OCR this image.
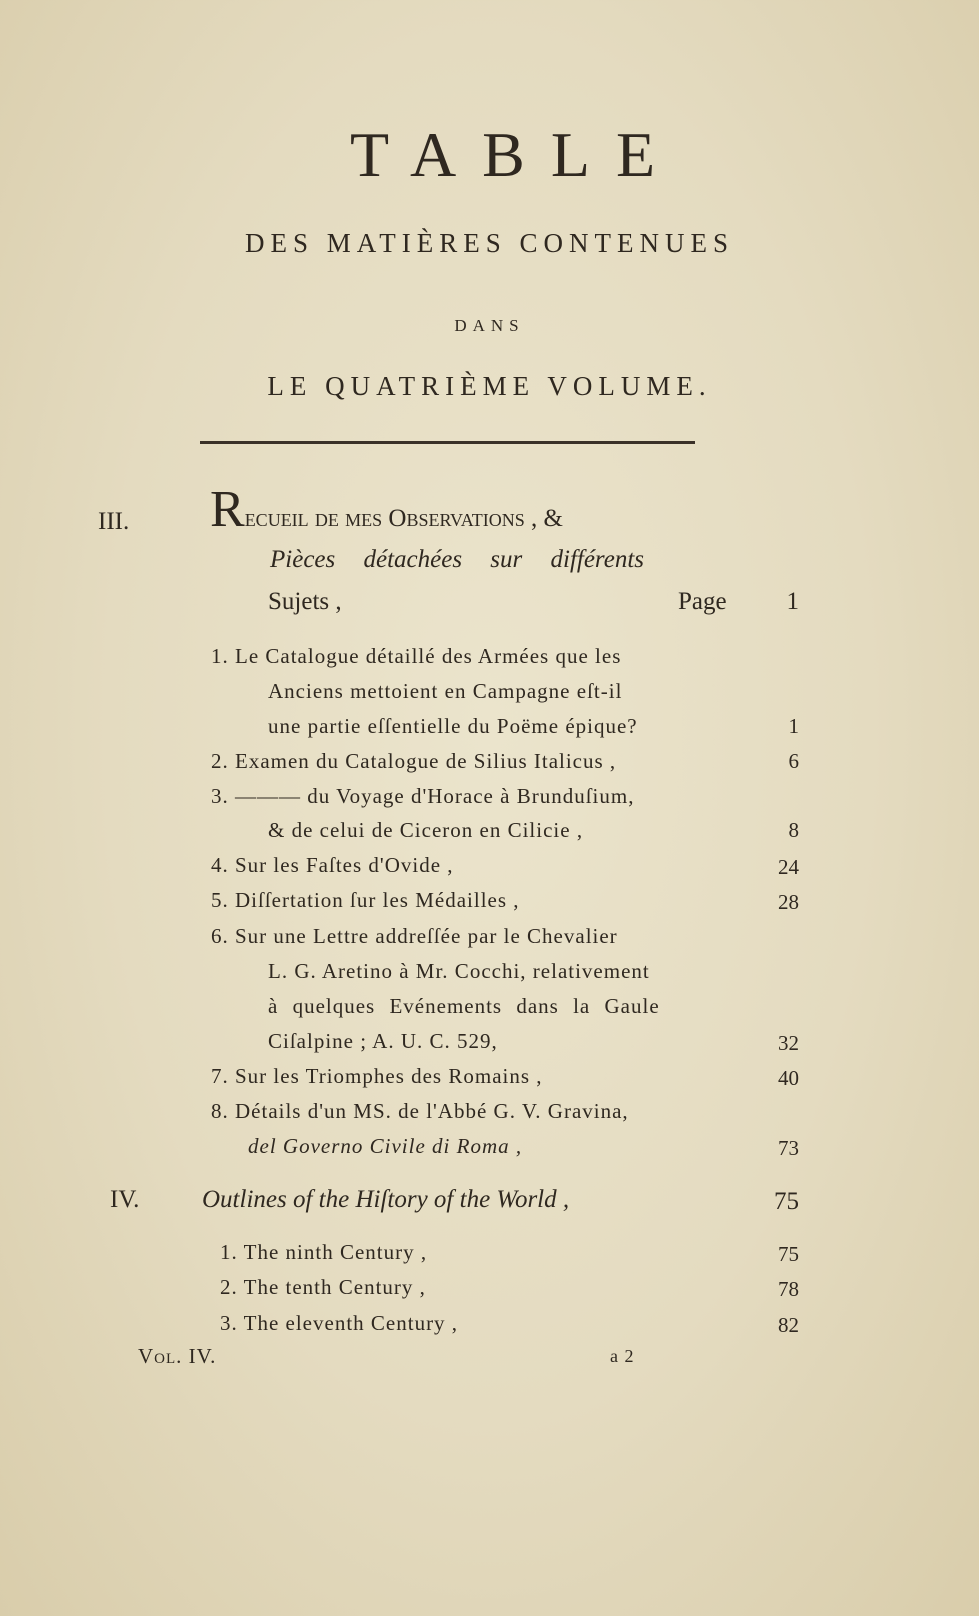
TABLE
DES MATIÈRES CONTENUES
DANS
LE QUATRIÈME VOLUME.
III. Recueil de mes Observations , &
Pièces détachées sur différents
Sujets ,	Page 1
1. Le Catalogue détaillé des Armées que les
Anciens mettoient en Campagne eſt-il
une partie eſſentielle du Poëme épique?	1
2. Examen du Catalogue de Silius Italicus ,	6
3. ——— du Voyage d'Horace à Brunduſium,
& de celui de Ciceron en Cilicie ,	8
4. Sur les Faſtes d'Ovide ,	24
5. Diſſertation ſur les Médailles ,	28
6. Sur une Lettre addreſſée par le Chevalier
L. G. Aretino à Mr. Cocchi, relativement
à quelques Evénements dans la Gaule
Ciſalpine ; A. U. C. 529,	32
7. Sur les Triomphes des Romains ,	40
8. Détails d'un MS. de l'Abbé G. V. Gravina,
del Governo Civile di Roma ,	73
IV.	Outlines of the Hiſtory of the World ,	75
1. The ninth Century ,	75
2. The tenth Century ,	78
3. The eleventh Century ,	82
Vol. IV.	a 2
